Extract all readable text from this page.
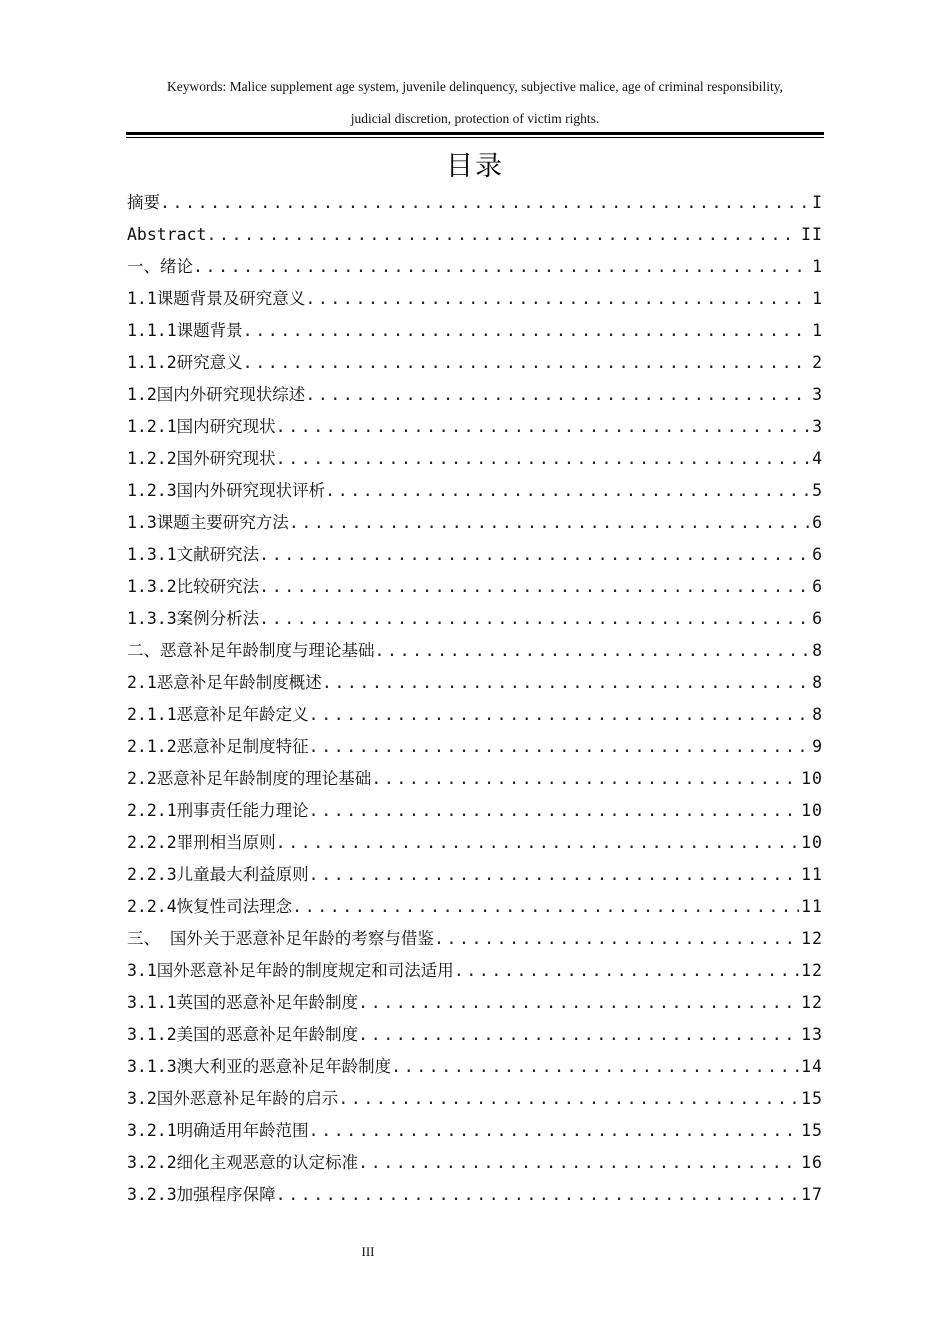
Keywords: Malice supplement age system, juvenile delinquency, subjective malice, age of criminal responsibility,
judicial discretion, protection of victim rights.
目录
摘要 .....	I
Abstract .....	II
一、绪论 .....	1
1.1课题背景及研究意义 .....	1
1.1.1课题背景 .....	1
1.1.2研究意义 .....	2
1.2国内外研究现状综述 .....	3
1.2.1国内研究现状 .....	3
1.2.2国外研究现状 .....	4
1.2.3国内外研究现状评析 .....	5
1.3课题主要研究方法 .....	6
1.3.1文献研究法 .....	6
1.3.2比较研究法 .....	6
1.3.3案例分析法 .....	6
二、恶意补足年龄制度与理论基础 .....	8
2.1恶意补足年龄制度概述 .....	8
2.1.1恶意补足年龄定义 .....	8
2.1.2恶意补足制度特征 .....	9
2.2恶意补足年龄制度的理论基础 .....	10
2.2.1刑事责任能力理论 .....	10
2.2.2罪刑相当原则 .....	10
2.2.3儿童最大利益原则 .....	11
2.2.4恢复性司法理念 .....	11
三、 国外关于恶意补足年龄的考察与借鉴 .....	12
3.1国外恶意补足年龄的制度规定和司法适用 .....	12
3.1.1英国的恶意补足年龄制度 .....	12
3.1.2美国的恶意补足年龄制度 .....	13
3.1.3澳大利亚的恶意补足年龄制度 .....	14
3.2国外恶意补足年龄的启示 .....	15
3.2.1明确适用年龄范围 .....	15
3.2.2细化主观恶意的认定标准 .....	16
3.2.3加强程序保障 .....	17
III
